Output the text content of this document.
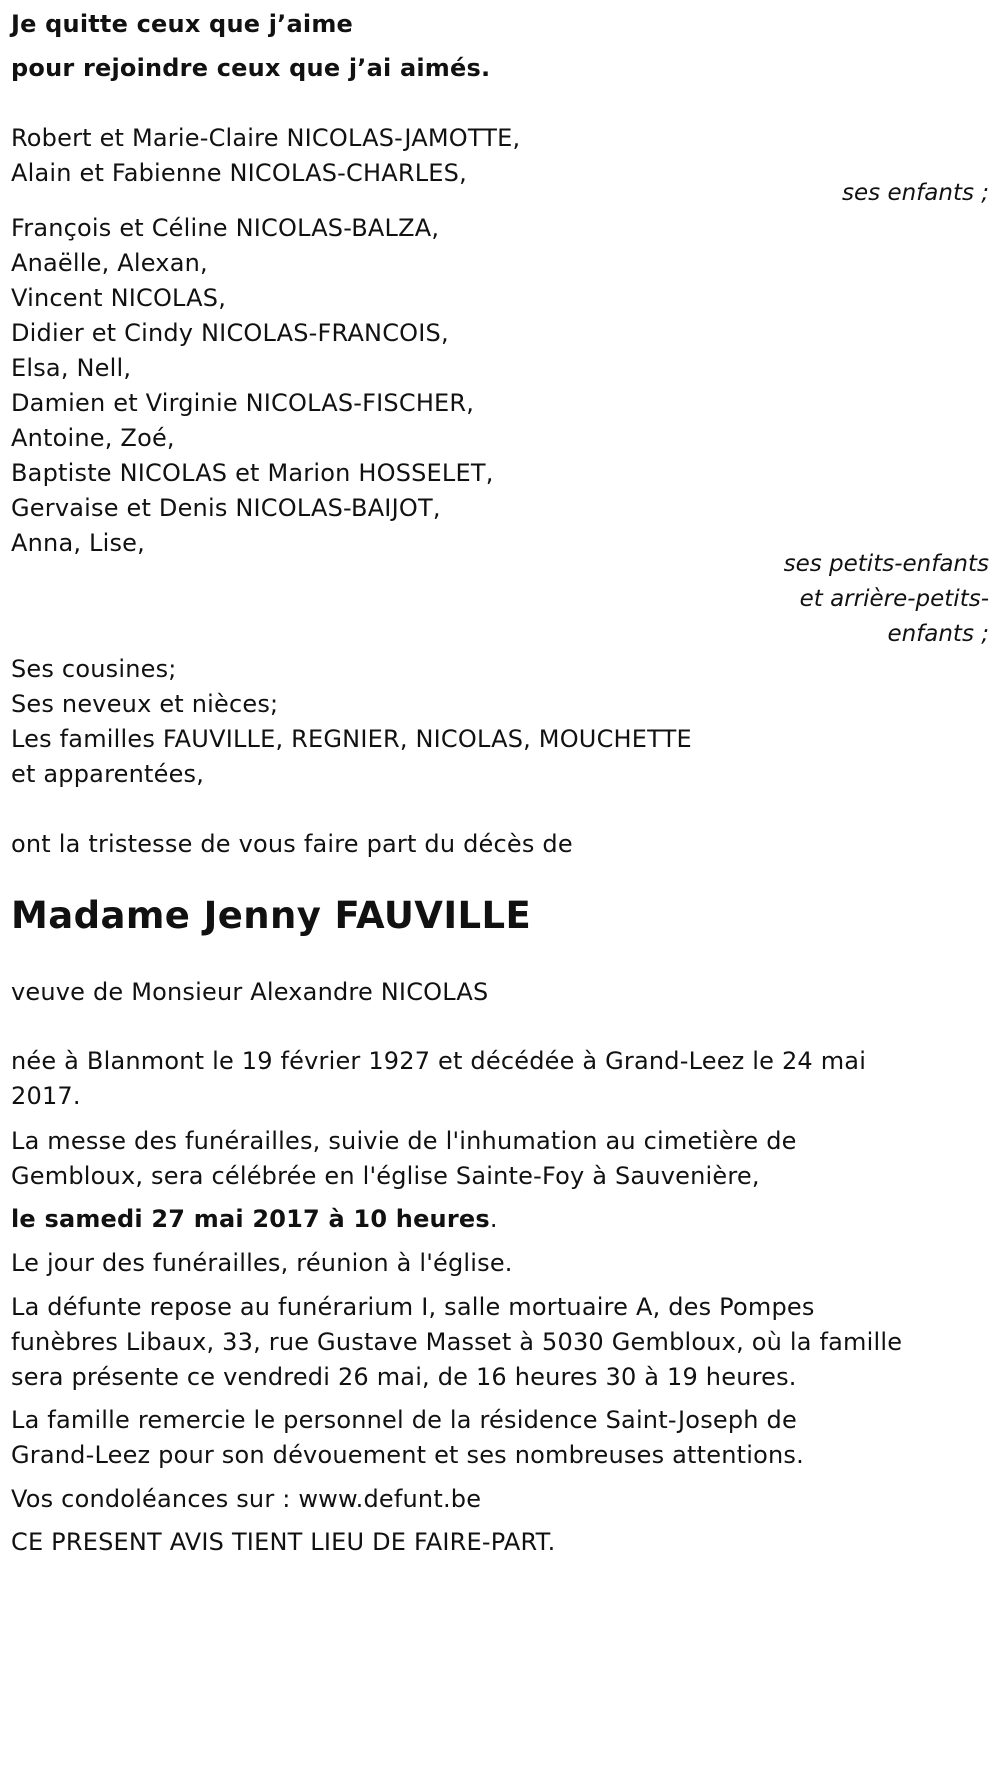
Je quitte ceux que j’aime
pour rejoindre ceux que j’ai aimés.
Robert et Marie-Claire NICOLAS-JAMOTTE,
Alain et Fabienne NICOLAS-CHARLES,
ses enfants ;
François et Céline NICOLAS-BALZA,
Anaëlle, Alexan,
Vincent NICOLAS,
Didier et Cindy NICOLAS-FRANCOIS,
Elsa, Nell,
Damien et Virginie NICOLAS-FISCHER,
Antoine, Zoé,
Baptiste NICOLAS et Marion HOSSELET,
Gervaise et Denis NICOLAS-BAIJOT,
Anna, Lise,
ses petits-enfants
et arrière-petits-
enfants ;
Ses cousines;
Ses neveux et nièces;
Les familles FAUVILLE, REGNIER, NICOLAS, MOUCHETTE
et apparentées,
ont la tristesse de vous faire part du décès de
Madame Jenny FAUVILLE
veuve de Monsieur Alexandre NICOLAS
née à Blanmont le 19 février 1927 et décédée à Grand-Leez le 24 mai
2017.
La messe des funérailles, suivie de l'inhumation au cimetière de
Gembloux, sera célébrée en l'église Sainte-Foy à Sauvenière,
le samedi 27 mai 2017 à 10 heures.
Le jour des funérailles, réunion à l'église.
La défunte repose au funérarium I, salle mortuaire A, des Pompes
funèbres Libaux, 33, rue Gustave Masset à 5030 Gembloux, où la famille
sera présente ce vendredi 26 mai, de 16 heures 30 à 19 heures.
La famille remercie le personnel de la résidence Saint-Joseph de
Grand-Leez pour son dévouement et ses nombreuses attentions.
Vos condoléances sur : www.defunt.be
CE PRESENT AVIS TIENT LIEU DE FAIRE-PART.
